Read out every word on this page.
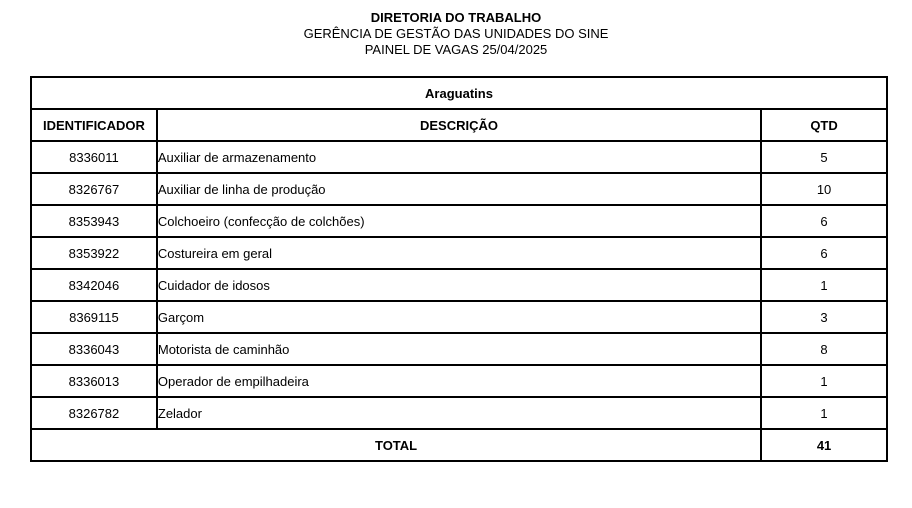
DIRETORIA DO TRABALHO
GERÊNCIA DE GESTÃO DAS UNIDADES DO SINE
PAINEL DE VAGAS 25/04/2025
Araguatins		
IDENTIFICADOR	DESCRIÇÃO	QTD
8336011	Auxiliar de armazenamento	5
8326767	Auxiliar de linha de produção	10
8353943	Colchoeiro (confecção de colchões)	6
8353922	Costureira em geral	6
8342046	Cuidador de idosos	1
8369115	Garçom	3
8336043	Motorista de caminhão	8
8336013	Operador de empilhadeira	1
8326782	Zelador	1
TOTAL		41
